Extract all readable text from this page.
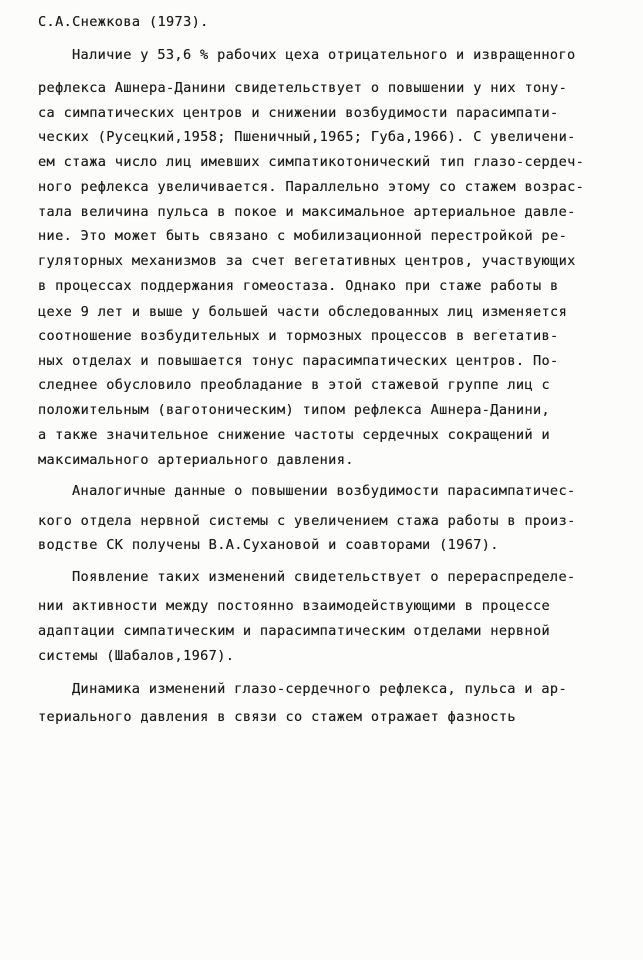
С.А.Снежкова (1973).
Наличие у 53,6 % рабочих цеха отрицательного и извращенного
рефлекса Ашнера-Данини свидетельствует о повышении у них тону-
са симпатических центров и снижении возбудимости парасимпати-
ческих (Русецкий,1958; Пшеничный,1965; Губа,1966). С увеличени-
ем стажа число лиц имевших симпатикотонический тип глазо-сердеч-
ного рефлекса увеличивается. Параллельно этому со стажем возрас-
тала величина пульса в покое и максимальное артериальное давле-
ние. Это может быть связано с мобилизационной перестройкой ре-
гуляторных механизмов за счет вегетативных центров, участвующих
в процессах поддержания гомеостаза. Однако при стаже работы в
цехе 9 лет и выше у большей части обследованных лиц изменяется
соотношение возбудительных и тормозных процессов в вегетатив-
ных отделах и повышается тонус парасимпатических центров. По-
следнее обусловило преобладание в этой стажевой группе лиц с
положительным (ваготоническим) типом рефлекса Ашнера-Данини,
а также значительное снижение частоты сердечных сокращений и
максимального артериального давления.
Аналогичные данные о повышении возбудимости парасимпатичес-
кого отдела нервной системы с увеличением стажа работы в произ-
водстве СК получены В.А.Сухановой и соавторами (1967).
Появление таких изменений свидетельствует о перераспределе-
нии активности между постоянно взаимодействующими в процессе
адаптации симпатическим и парасимпатическим отделами нервной
системы (Шабалов,1967).
Динамика изменений глазо-сердечного рефлекса, пульса и ар-
териального давления в связи со стажем отражает фазность
